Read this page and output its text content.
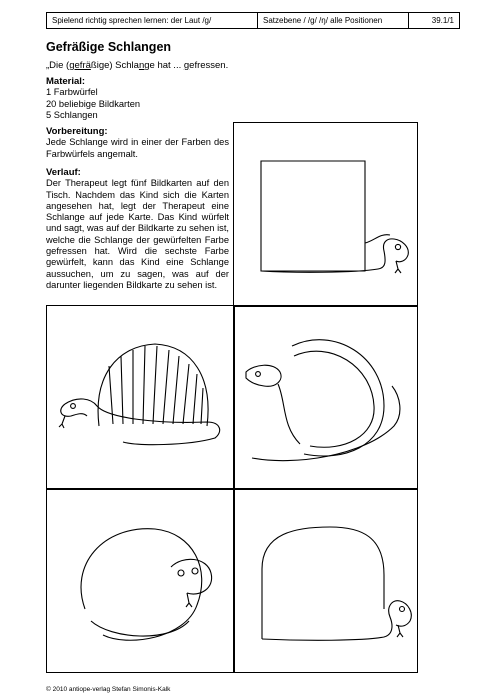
Spielend richtig sprechen lernen: der Laut /g/	Satzebene / /g/ /ŋ/ alle Positionen	39.1/1
Gefräßige Schlangen
„Die (gefräßige) Schlange hat ... gefressen.
Material:
1 Farbwürfel
20 beliebige Bildkarten
5 Schlangen
Vorbereitung:

Jede Schlange wird in einer der Farben des Farbwürfels angemalt.

Verlauf:

Der Therapeut legt fünf Bildkarten auf den Tisch. Nachdem das Kind sich die Karten angesehen hat, legt der Therapeut eine Schlange auf jede Karte. Das Kind würfelt und sagt, was auf der Bildkarte zu sehen ist, welche die Schlange der gewürfelten Farbe gefressen hat. Wird die sechste Farbe gewürfelt, kann das Kind eine Schlange aussuchen, um zu sagen, was auf der darunter liegenden Bildkarte zu sehen ist.

© 2010 antiope-verlag Stefan Simonis-Kalk
